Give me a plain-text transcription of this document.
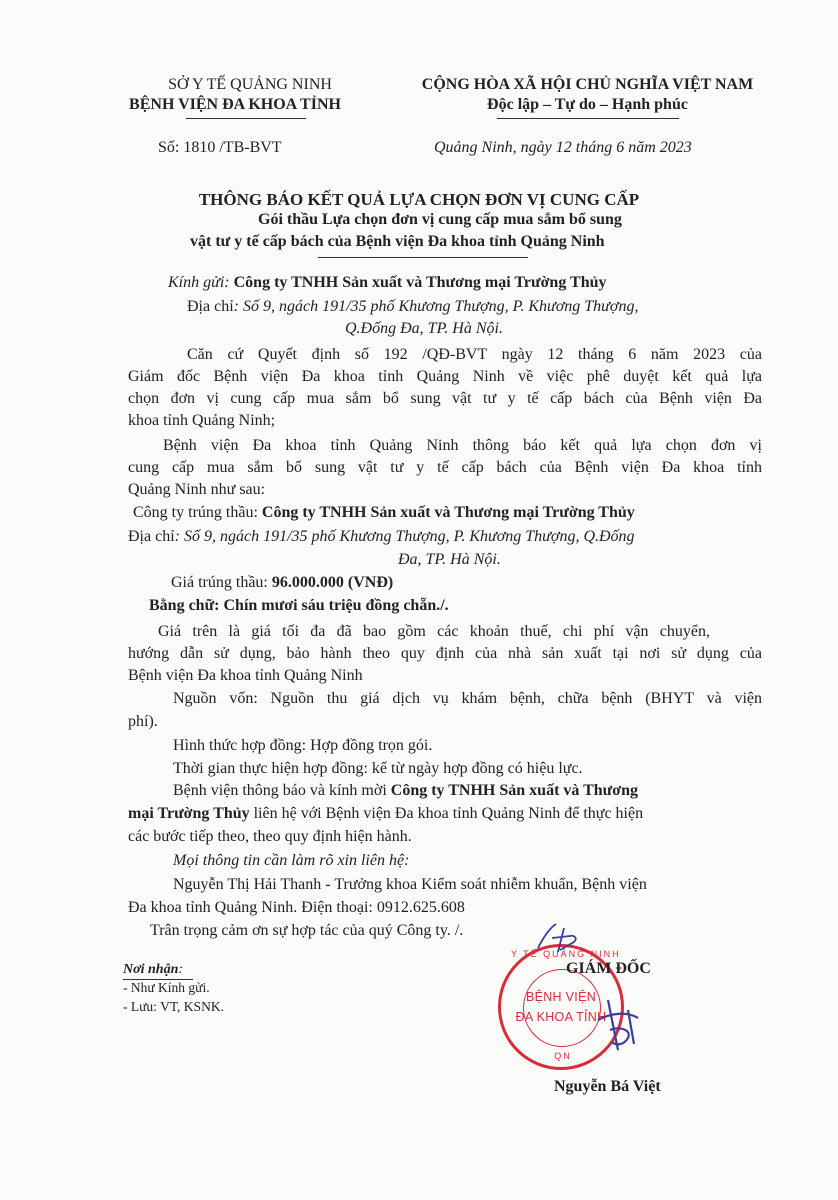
SỞ Y TẾ QUẢNG NINH
BỆNH VIỆN ĐA KHOA TỈNH
CỘNG HÒA XÃ HỘI CHỦ NGHĨA VIỆT NAM
Độc lập – Tự do – Hạnh phúc
Số: 1810 /TB-BVT	Quảng Ninh, ngày 12 tháng 6 năm 2023
THÔNG BÁO KẾT QUẢ LỰA CHỌN ĐƠN VỊ CUNG CẤP
Gói thầu Lựa chọn đơn vị cung cấp mua sắm bổ sung
vật tư y tế cấp bách của Bệnh viện Đa khoa tỉnh Quảng Ninh
Kính gửi: Công ty TNHH Sản xuất và Thương mại Trường Thủy
Địa chỉ: Số 9, ngách 191/35 phố Khương Thượng, P. Khương Thượng,
Q.Đống Đa, TP. Hà Nội.
Căn cứ Quyết định số 192 /QĐ-BVT ngày 12 tháng 6 năm 2023 của
Giám đốc Bệnh viện Đa khoa tỉnh Quảng Ninh về việc phê duyệt kết quả lựa
chọn đơn vị cung cấp mua sắm bổ sung vật tư y tế cấp bách của Bệnh viện Đa
khoa tỉnh Quảng Ninh;
Bệnh viện Đa khoa tỉnh Quảng Ninh thông báo kết quả lựa chọn đơn vị
cung cấp mua sắm bổ sung vật tư y tế cấp bách của Bệnh viện Đa khoa tỉnh
Quảng Ninh như sau:
Công ty trúng thầu: Công ty TNHH Sản xuất và Thương mại Trường Thủy
Địa chỉ: Số 9, ngách 191/35 phố Khương Thượng, P. Khương Thượng, Q.Đống
Đa, TP. Hà Nội.
Giá trúng thầu: 96.000.000 (VNĐ)
Bằng chữ: Chín mươi sáu triệu đồng chẵn./.
Giá trên là giá tối đa đã bao gồm các khoản thuế, chi phí vận chuyển,
hướng dẫn sử dụng, bảo hành theo quy định của nhà sản xuất tại nơi sử dụng của
Bệnh viện Đa khoa tỉnh Quảng Ninh
Nguồn vốn: Nguồn thu giá dịch vụ khám bệnh, chữa bệnh (BHYT và viện
phí).
Hình thức hợp đồng: Hợp đồng trọn gói.
Thời gian thực hiện hợp đồng: kể từ ngày hợp đồng có hiệu lực.
Bệnh viện thông báo và kính mời Công ty TNHH Sản xuất và Thương
mại Trường Thủy liên hệ với Bệnh viện Đa khoa tỉnh Quảng Ninh để thực hiện
các bước tiếp theo, theo quy định hiện hành.
Mọi thông tin cần làm rõ xin liên hệ:
Nguyễn Thị Hải Thanh - Trưởng khoa Kiểm soát nhiễm khuẩn, Bệnh viện
Đa khoa tỉnh Quảng Ninh. Điện thoại: 0912.625.608
Trân trọng cảm ơn sự hợp tác của quý Công ty. /.
Nơi nhận:
- Như Kính gửi.
- Lưu: VT, KSNK.
BỆNH VIỆN
ĐA KHOA TỈNH
Y TẾ QUẢNG NINH
QN
GIÁM ĐỐC
Nguyễn Bá Việt
